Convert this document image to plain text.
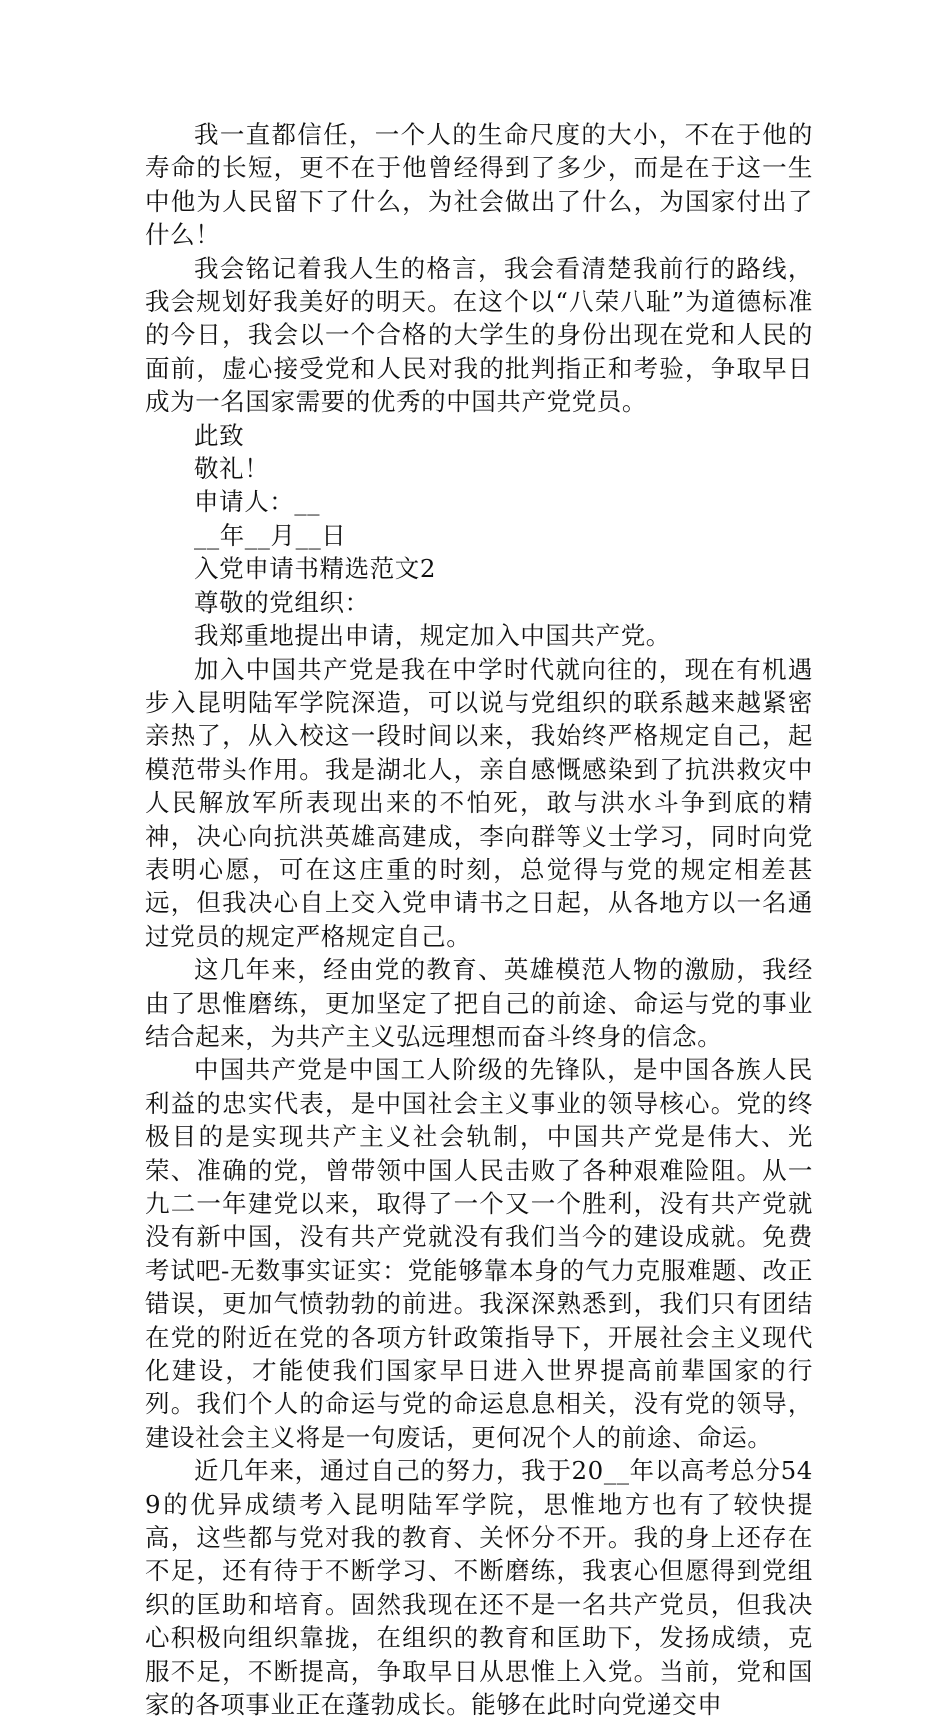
我一直都信任，一个人的生命尺度的大小，不在于他的寿命的长短，更不在于他曾经得到了多少，而是在于这一生中他为人民留下了什么，为社会做出了什么，为国家付出了什么！

我会铭记着我人生的格言，我会看清楚我前行的路线，我会规划好我美好的明天。在这个以“八荣八耻”为道德标准的今日，我会以一个合格的大学生的身份出现在党和人民的面前，虚心接受党和人民对我的批判指正和考验，争取早日成为一名国家需要的优秀的中国共产党党员。

此致

敬礼！

申请人：__

__年__月__日

入党申请书精选范文2

尊敬的党组织：

我郑重地提出申请，规定加入中国共产党。

加入中国共产党是我在中学时代就向往的，现在有机遇步入昆明陆军学院深造，可以说与党组织的联系越来越紧密亲热了，从入校这一段时间以来，我始终严格规定自己，起模范带头作用。我是湖北人，亲自感慨感染到了抗洪救灾中人民解放军所表现出来的不怕死，敢与洪水斗争到底的精神，决心向抗洪英雄高建成，李向群等义士学习，同时向党表明心愿，可在这庄重的时刻，总觉得与党的规定相差甚远，但我决心自上交入党申请书之日起，从各地方以一名通过党员的规定严格规定自己。

这几年来，经由党的教育、英雄模范人物的激励，我经由了思惟磨练，更加坚定了把自己的前途、命运与党的事业结合起来，为共产主义弘远理想而奋斗终身的信念。

中国共产党是中国工人阶级的先锋队，是中国各族人民利益的忠实代表，是中国社会主义事业的领导核心。党的终极目的是实现共产主义社会轨制，中国共产党是伟大、光荣、准确的党，曾带领中国人民击败了各种艰难险阻。从一九二一年建党以来，取得了一个又一个胜利，没有共产党就没有新中国，没有共产党就没有我们当今的建设成就。免费考试吧-无数事实证实：党能够靠本身的气力克服难题、改正错误，更加气愤勃勃的前进。我深深熟悉到，我们只有团结在党的附近在党的各项方针政策指导下，开展社会主义现代化建设，才能使我们国家早日进入世界提高前辈国家的行列。我们个人的命运与党的命运息息相关，没有党的领导，建设社会主义将是一句废话，更何况个人的前途、命运。

近几年来，通过自己的努力，我于20__年以高考总分549的优异成绩考入昆明陆军学院，思惟地方也有了较快提高，这些都与党对我的教育、关怀分不开。我的身上还存在不足，还有待于不断学习、不断磨练，我衷心但愿得到党组织的匡助和培育。固然我现在还不是一名共产党员，但我决心积极向组织靠拢，在组织的教育和匡助下，发扬成绩，克服不足，不断提高，争取早日从思惟上入党。当前，党和国家的各项事业正在蓬勃成长。能够在此时向党递交申
